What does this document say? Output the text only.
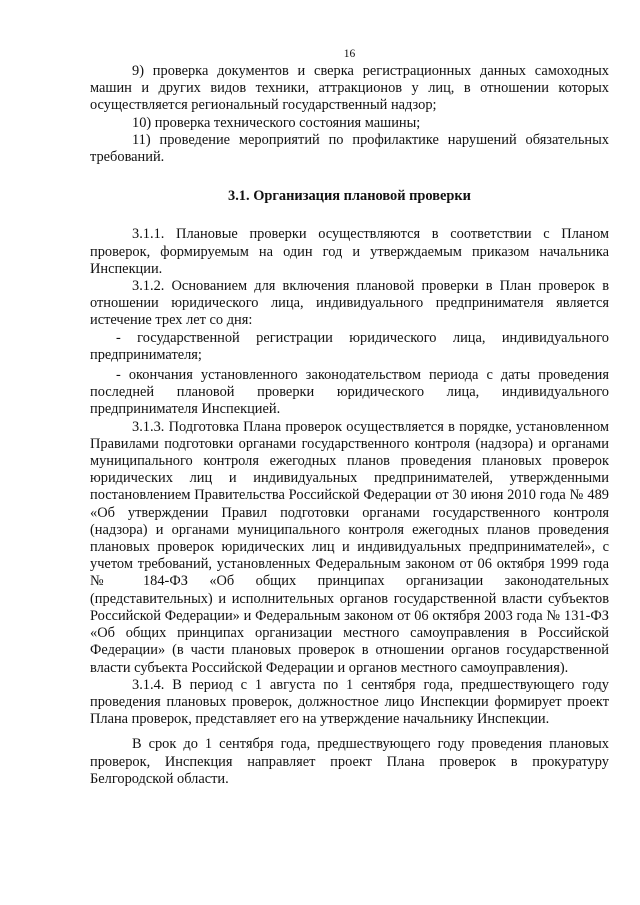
16

9) проверка документов и сверка регистрационных данных самоходных машин и других видов техники, аттракционов у лиц, в отношении которых осуществляется региональный государственный надзор;

10) проверка технического состояния машины;

11) проведение мероприятий по профилактике нарушений обязательных требований.

3.1. Организация плановой проверки

3.1.1. Плановые проверки осуществляются в соответствии с Планом проверок, формируемым на один год и утверждаемым приказом начальника Инспекции.

3.1.2. Основанием для включения плановой проверки в План проверок в отношении юридического лица, индивидуального предпринимателя является истечение трех лет со дня:

- государственной регистрации юридического лица, индивидуального предпринимателя;

- окончания установленного законодательством периода с даты проведения последней плановой проверки юридического лица, индивидуального предпринимателя Инспекцией.

3.1.3. Подготовка Плана проверок осуществляется в порядке, установленном Правилами подготовки органами государственного контроля (надзора) и органами муниципального контроля ежегодных планов проведения плановых проверок юридических лиц и индивидуальных предпринимателей, утвержденными постановлением Правительства Российской Федерации от 30 июня 2010 года № 489 «Об утверждении Правил подготовки органами государственного контроля (надзора) и органами муниципального контроля ежегодных планов проведения плановых проверок юридических лиц и индивидуальных предпринимателей», с учетом требований, установленных Федеральным законом от 06 октября 1999 года № 184-ФЗ «Об общих принципах организации законодательных (представительных) и исполнительных органов государственной власти субъектов Российской Федерации» и Федеральным законом от 06 октября 2003 года № 131-ФЗ «Об общих принципах организации местного самоуправления в Российской Федерации» (в части плановых проверок в отношении органов государственной власти субъекта Российской Федерации и органов местного самоуправления).

3.1.4. В период с 1 августа по 1 сентября года, предшествующего году проведения плановых проверок, должностное лицо Инспекции формирует проект Плана проверок, представляет его на утверждение начальнику Инспекции.

В срок до 1 сентября года, предшествующего году проведения плановых проверок, Инспекция направляет проект Плана проверок в прокуратуру Белгородской области.
